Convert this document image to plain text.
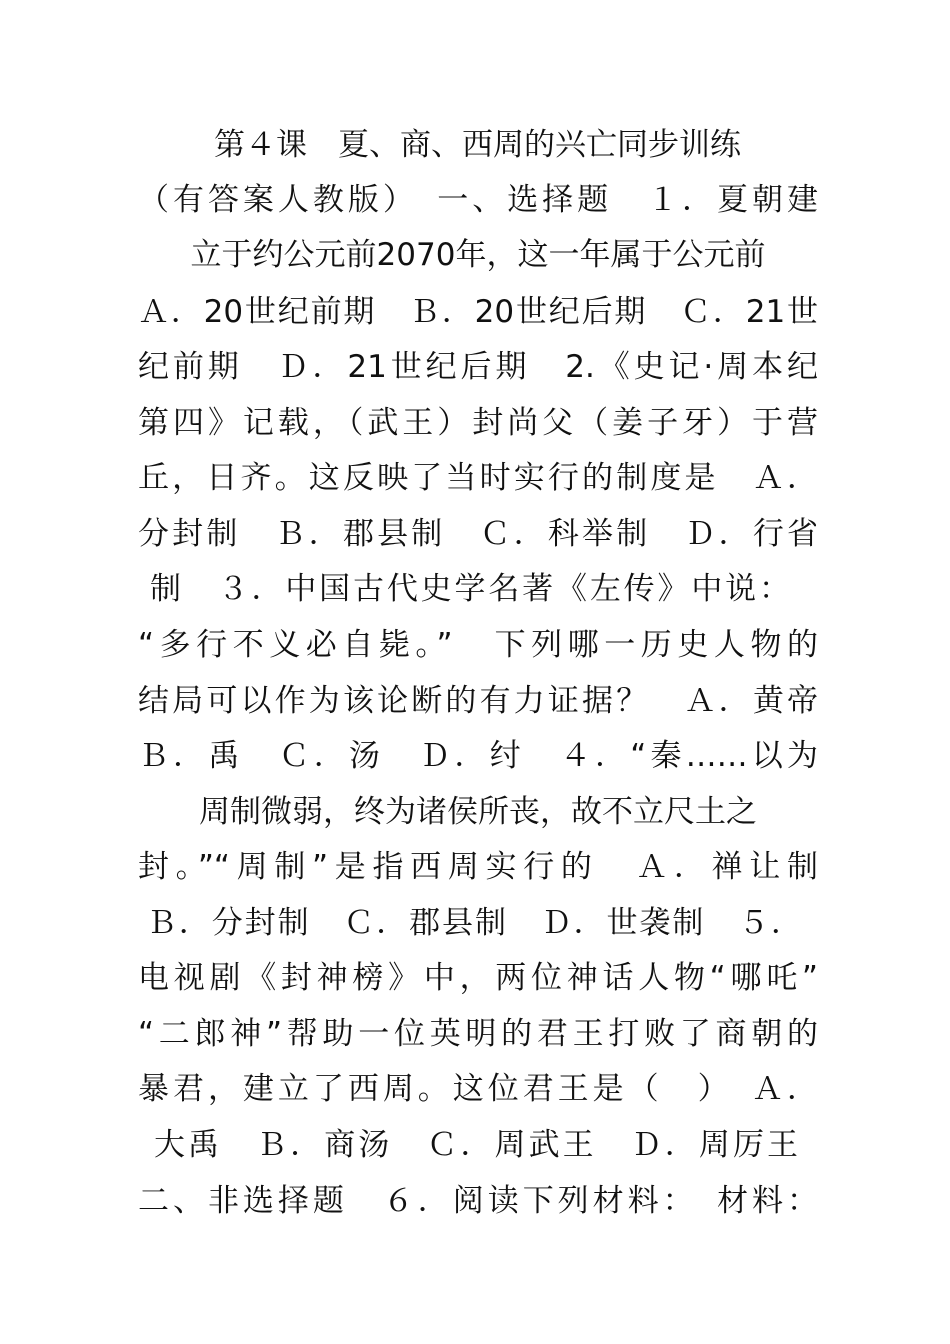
第４课　夏、商、西周的兴亡同步训练
（有答案人教版）　一、选择题　１．夏朝建
立于约公元前2070年，这一年属于公元前
Ａ．20世纪前期　Ｂ．20世纪后期　Ｃ．21世
纪前期　Ｄ．21世纪后期　2.《史记·周本纪
第四》记载，（武王）封尚父（姜子牙）于营
丘，日齐。这反映了当时实行的制度是　Ａ．
分封制　Ｂ．郡县制　Ｃ．科举制　Ｄ．行省
制　３．中国古代史学名著《左传》中说：
“多行不义必自毙。”　下列哪一历史人物的
结局可以作为该论断的有力证据？　Ａ．黄帝
Ｂ．禹　Ｃ．汤　Ｄ．纣　４．“秦……以为
周制微弱，终为诸侯所丧，故不立尺土之
封。”“周制”是指西周实行的　Ａ．禅让制
Ｂ．分封制　Ｃ．郡县制　Ｄ．世袭制　５．
电视剧《封神榜》中，两位神话人物“哪吒”
“二郎神”帮助一位英明的君王打败了商朝的
暴君，建立了西周。这位君王是（　）　Ａ．
大禹　Ｂ．商汤　Ｃ．周武王　Ｄ．周厉王
二、非选择题　６．阅读下列材料：　材料：
